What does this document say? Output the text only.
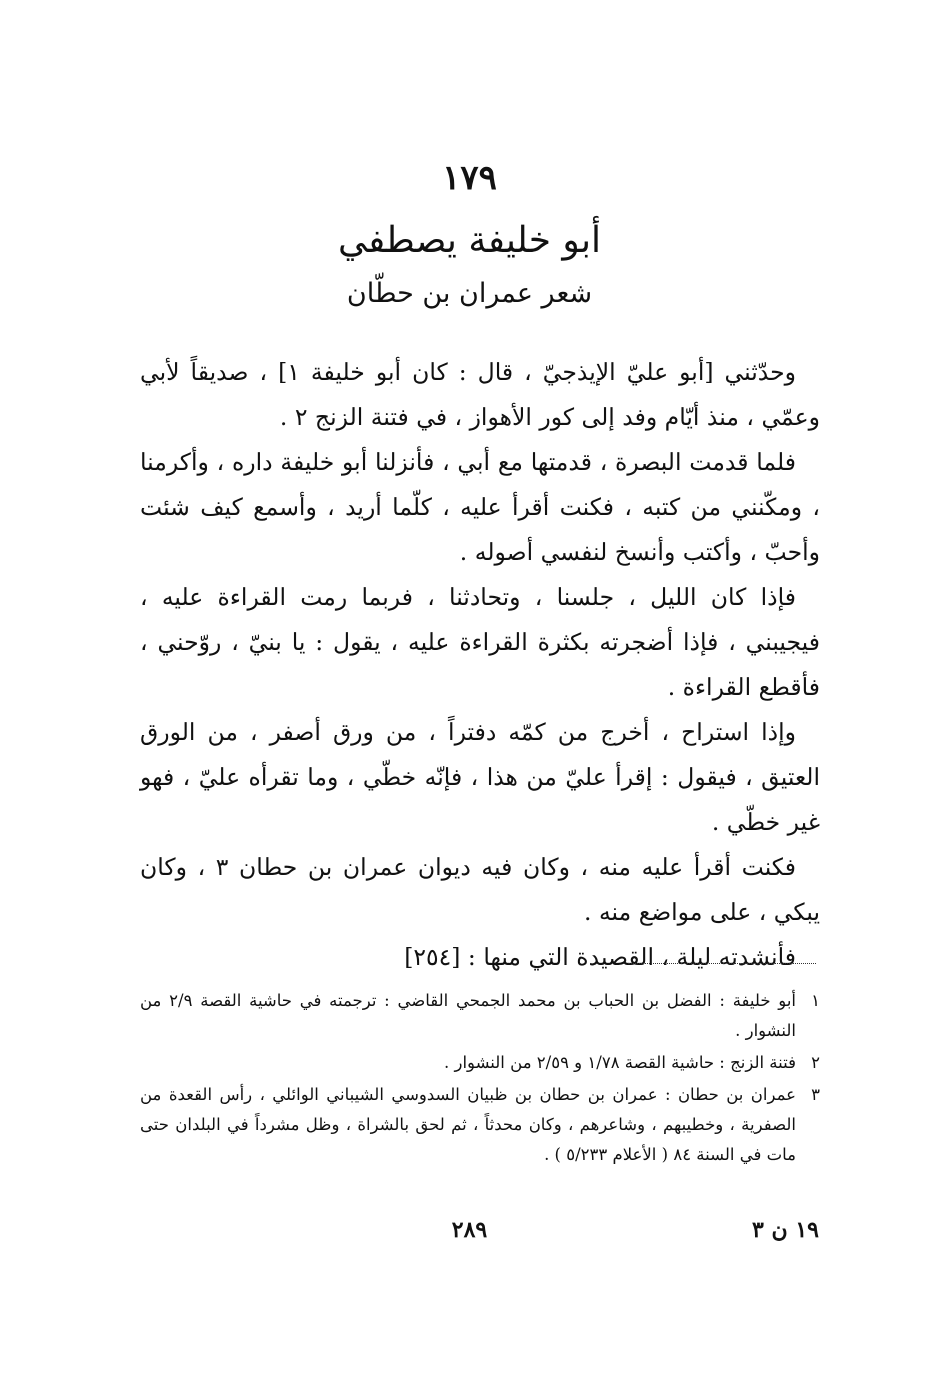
١٧٩
أبو خليفة يصطفي
شعر عمران بن حطّان

وحدّثني [أبو عليّ الإيذجيّ ، قال : كان أبو خليفة ١] ، صديقاً لأبي وعمّي ، منذ أيّام وفد إلى كور الأهواز ، في فتنة الزنج ٢ .

فلما قدمت البصرة ، قدمتها مع أبي ، فأنزلنا أبو خليفة داره ، وأكرمنا ، ومكّنني من كتبه ، فكنت أقرأ عليه ، كلّما أريد ، وأسمع كيف شئت وأحبّ ، وأكتب وأنسخ لنفسي أصوله .

فإذا كان الليل ، جلسنا ، وتحادثنا ، فربما رمت القراءة عليه ، فيجيبني ، فإذا أضجرته بكثرة القراءة عليه ، يقول : يا بنيّ ، روّحني ، فأقطع القراءة .

وإذا استراح ، أخرج من كمّه دفتراً ، من ورق أصفر ، من الورق العتيق ، فيقول : إقرأ عليّ من هذا ، فإنّه خطّي ، وما تقرأه عليّ ، فهو غير خطّي .

فكنت أقرأ عليه منه ، وكان فيه ديوان عمران بن حطان ٣ ، وكان يبكي ، على مواضع منه .

فأنشدته ليلة ، القصيدة التي منها : [٢٥٤]

١
أبو خليفة : الفضل بن الحباب بن محمد الجمحي القاضي : ترجمته في حاشية القصة ٢/٩ من النشوار .
٢
فتنة الزنج : حاشية القصة ١/٧٨ و ٢/٥٩ من النشوار .
٣
عمران بن حطان : عمران بن حطان بن ظبيان السدوسي الشيباني الوائلي ، رأس القعدة من الصفرية ، وخطيبهم ، وشاعرهم ، وكان محدثاً ، ثم لحق بالشراة ، وظل مشرداً في البلدان حتى مات في السنة ٨٤ ( الأعلام ٥/٢٣٣ ) .
٢٨٩	١٩ ن ٣
